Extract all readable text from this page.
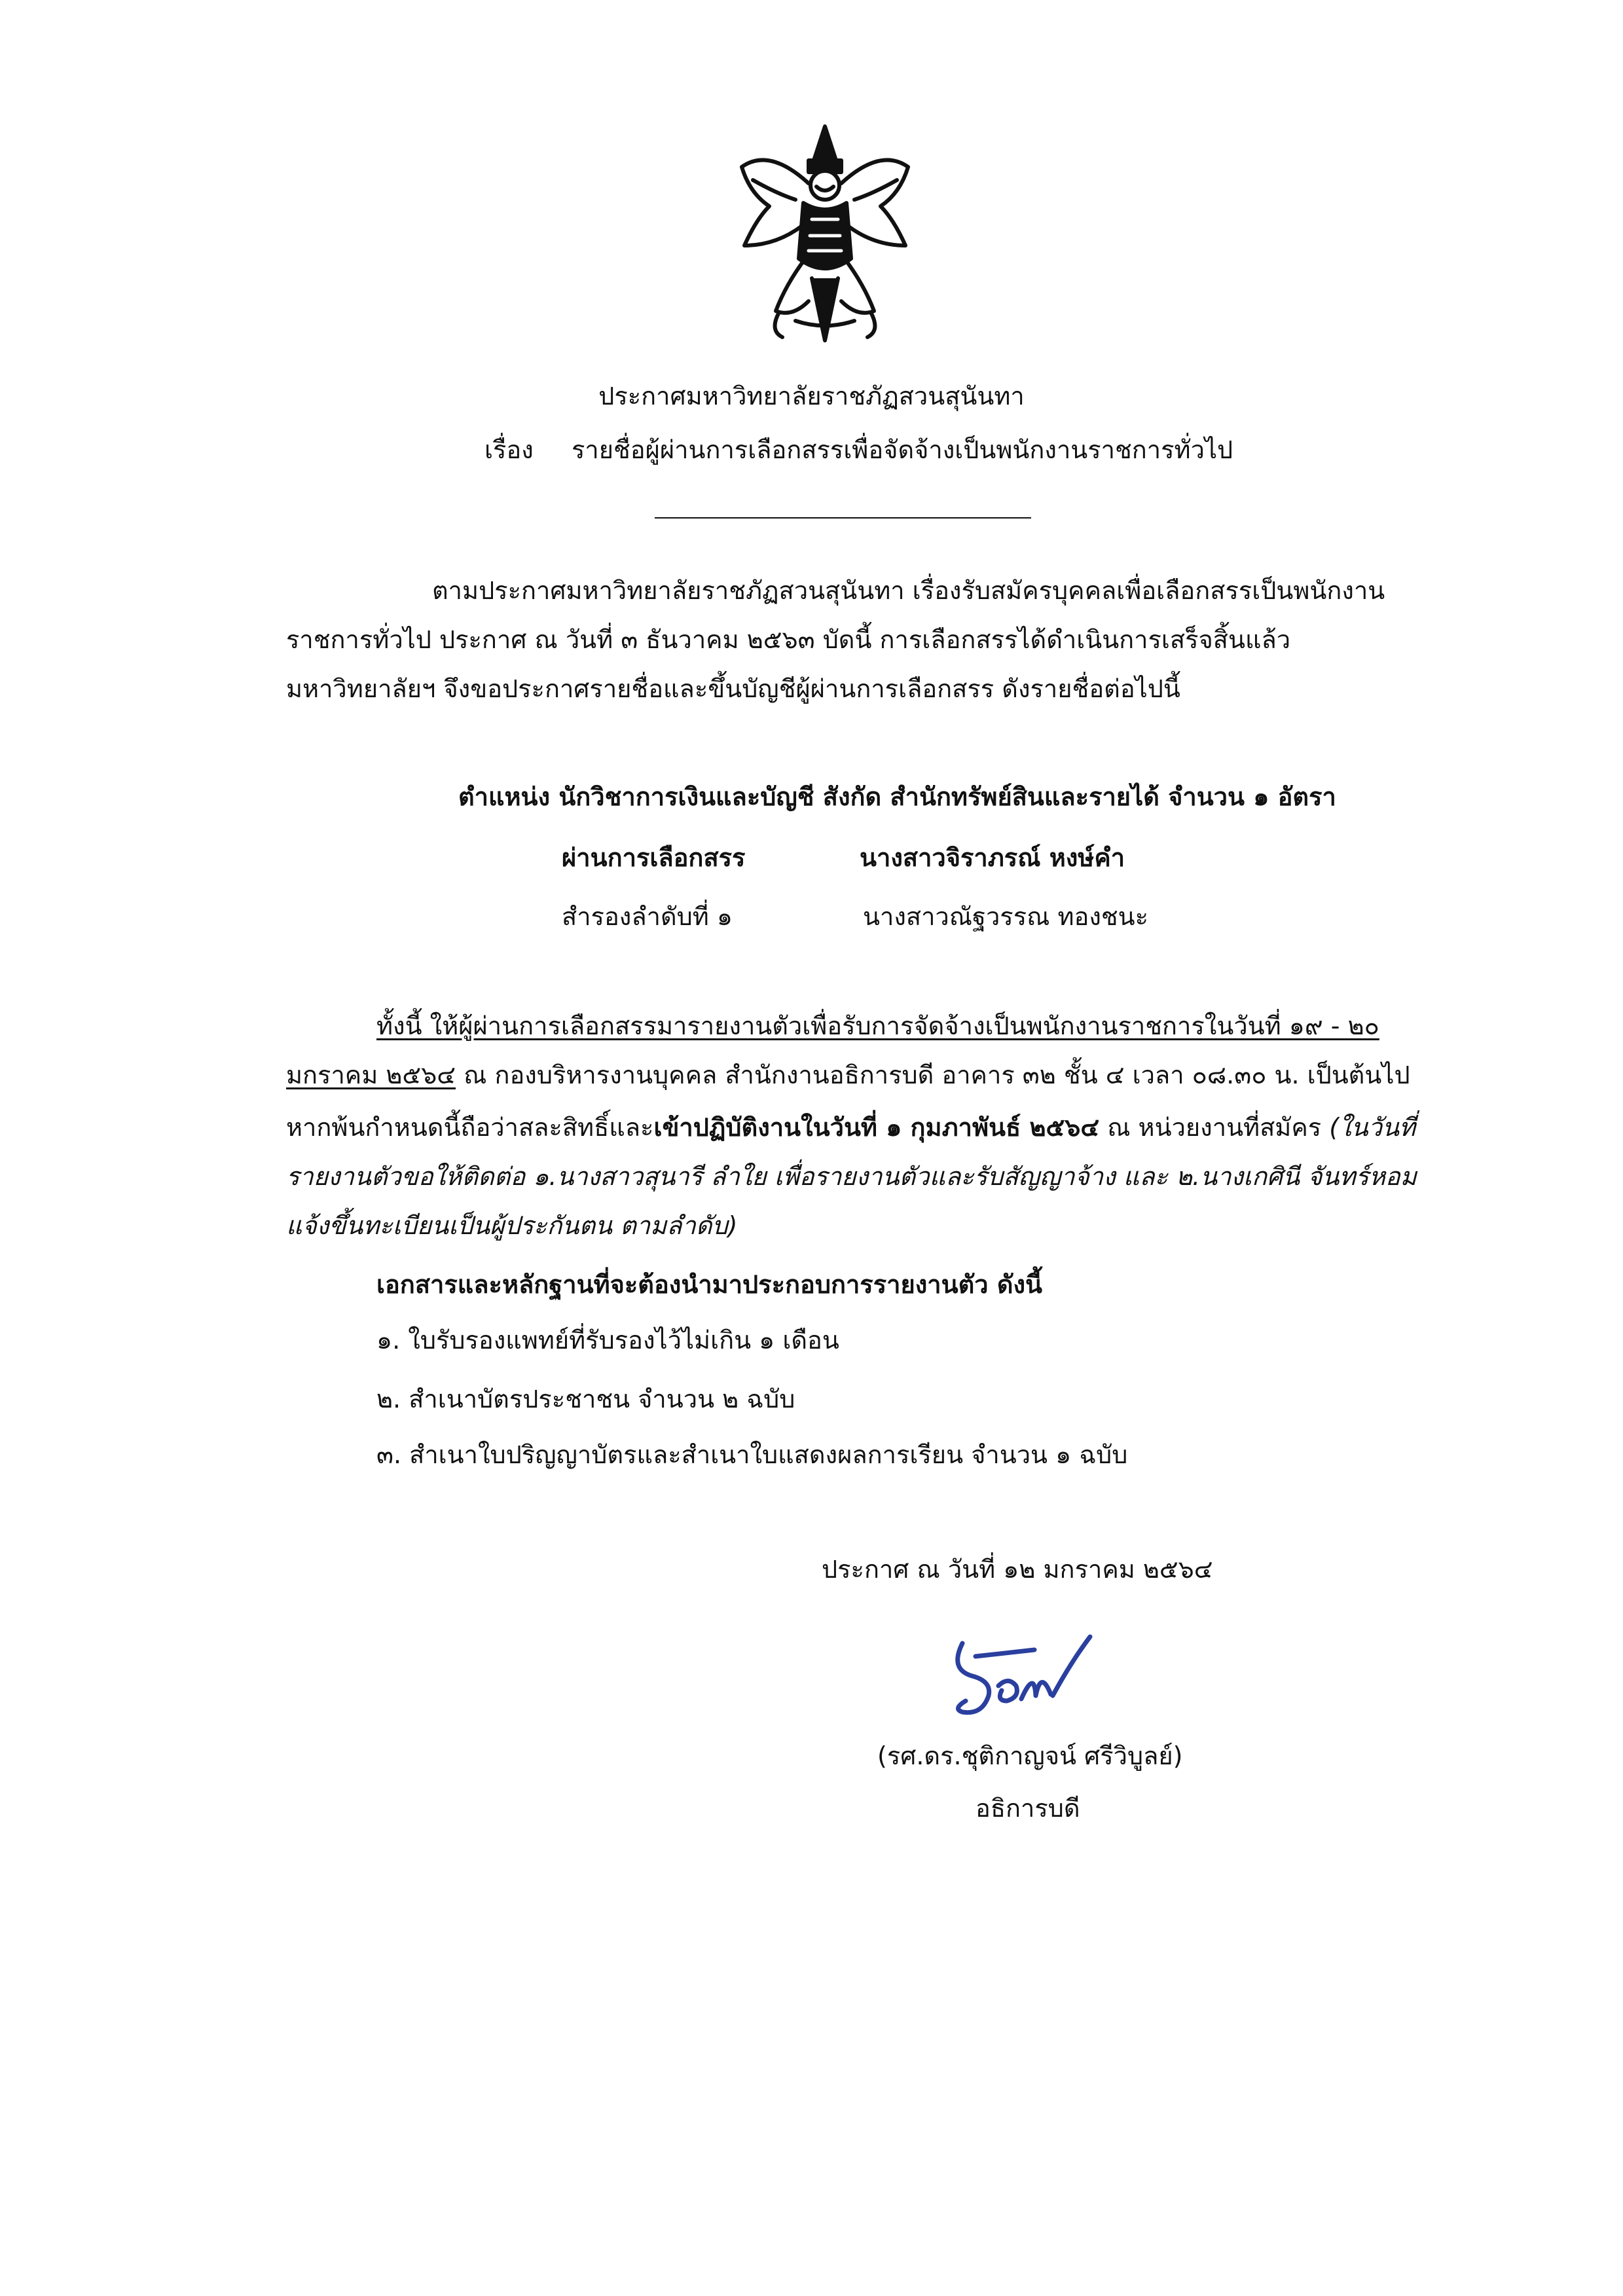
ประกาศมหาวิทยาลัยราชภัฏสวนสุนันทา
เรื่อง รายชื่อผู้ผ่านการเลือกสรรเพื่อจัดจ้างเป็นพนักงานราชการทั่วไป
ตามประกาศมหาวิทยาลัยราชภัฏสวนสุนันทา เรื่องรับสมัครบุคคลเพื่อเลือกสรรเป็นพนักงาน
ราชการทั่วไป ประกาศ ณ วันที่ ๓ ธันวาคม ๒๕๖๓ บัดนี้ การเลือกสรรได้ดำเนินการเสร็จสิ้นแล้ว
มหาวิทยาลัยฯ จึงขอประกาศรายชื่อและขึ้นบัญชีผู้ผ่านการเลือกสรร ดังรายชื่อต่อไปนี้
ตำแหน่ง นักวิชาการเงินและบัญชี สังกัด สำนักทรัพย์สินและรายได้ จำนวน ๑ อัตรา
ผ่านการเลือกสรร	นางสาวจิราภรณ์ หงษ์คำ
สำรองลำดับที่ ๑	นางสาวณัฐวรรณ ทองชนะ
ทั้งนี้ ให้ผู้ผ่านการเลือกสรรมารายงานตัวเพื่อรับการจัดจ้างเป็นพนักงานราชการในวันที่ ๑๙ - ๒๐
มกราคม ๒๕๖๔ ณ กองบริหารงานบุคคล สำนักงานอธิการบดี อาคาร ๓๒ ชั้น ๔ เวลา ๐๘.๓๐ น. เป็นต้นไป
หากพ้นกำหนดนี้ถือว่าสละสิทธิ์และเข้าปฏิบัติงานในวันที่ ๑ กุมภาพันธ์ ๒๕๖๔ ณ หน่วยงานที่สมัคร (ในวันที่
รายงานตัวขอให้ติดต่อ ๑.นางสาวสุนารี ลำใย เพื่อรายงานตัวและรับสัญญาจ้าง และ ๒.นางเกศินี จันทร์หอม
แจ้งขึ้นทะเบียนเป็นผู้ประกันตน ตามลำดับ)
เอกสารและหลักฐานที่จะต้องนำมาประกอบการรายงานตัว ดังนี้
๑. ใบรับรองแพทย์ที่รับรองไว้ไม่เกิน ๑ เดือน
๒. สำเนาบัตรประชาชน จำนวน ๒ ฉบับ
๓. สำเนาใบปริญญาบัตรและสำเนาใบแสดงผลการเรียน จำนวน ๑ ฉบับ
ประกาศ ณ วันที่ ๑๒ มกราคม ๒๕๖๔
(รศ.ดร.ชุติกาญจน์ ศรีวิบูลย์)
อธิการบดี
